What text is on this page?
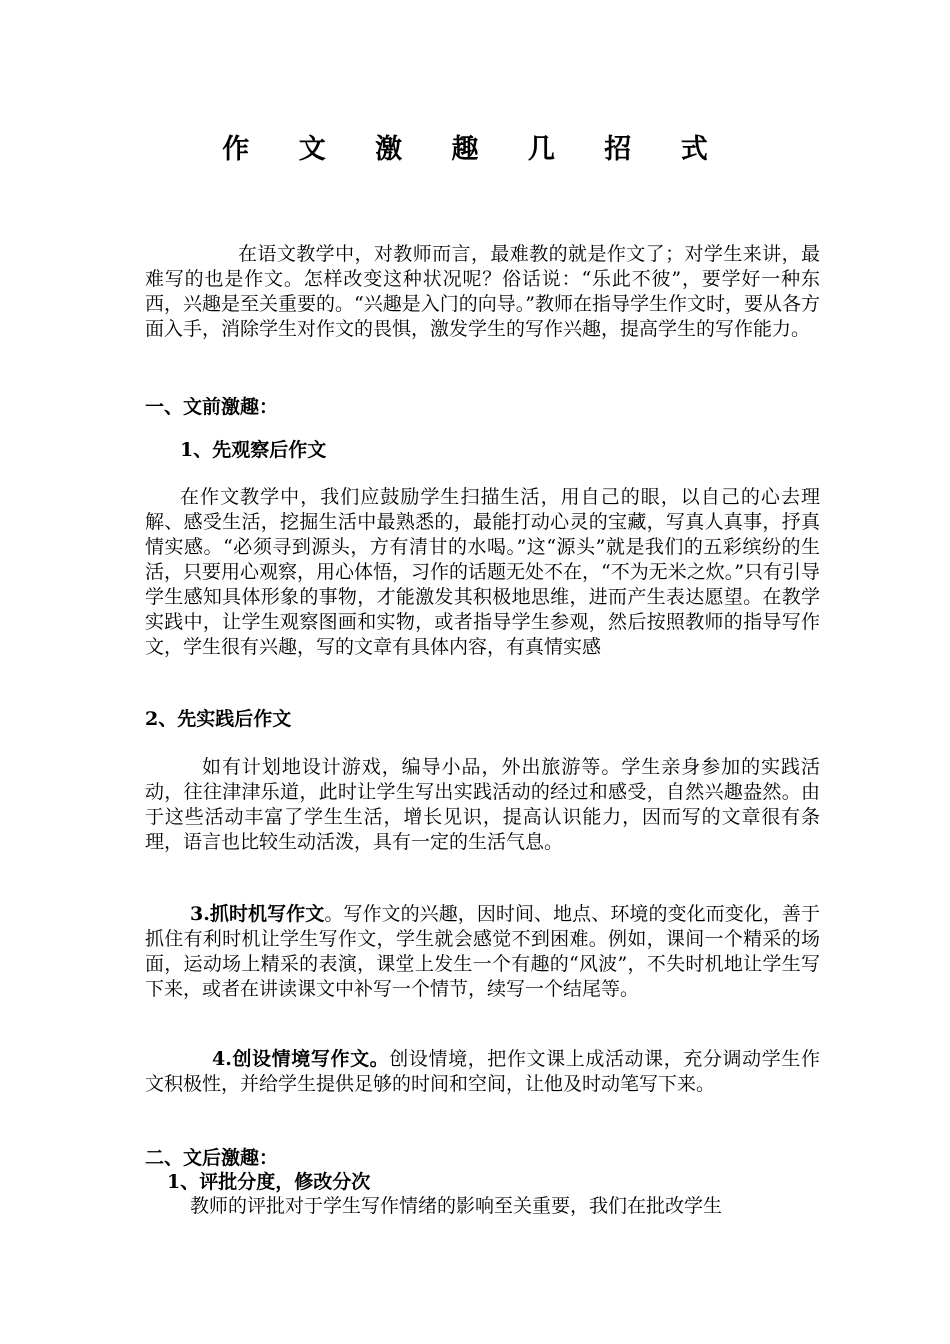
作 文 激 趣 几 招 式

在语文教学中，对教师而言，最难教的就是作文了；对学生来讲，最难写的也是作文。怎样改变这种状况呢？俗话说：“乐此不彼”，要学好一种东西，兴趣是至关重要的。“兴趣是入门的向导。”教师在指导学生作文时，要从各方面入手，消除学生对作文的畏惧，激发学生的写作兴趣，提高学生的写作能力。

一、文前激趣：

1、先观察后作文

在作文教学中，我们应鼓励学生扫描生活，用自己的眼，以自己的心去理解、感受生活，挖掘生活中最熟悉的，最能打动心灵的宝藏，写真人真事，抒真情实感。“必须寻到源头，方有清甘的水喝。”这“源头”就是我们的五彩缤纷的生活，只要用心观察，用心体悟，习作的话题无处不在，“不为无米之炊。”只有引导学生感知具体形象的事物，才能激发其积极地思维，进而产生表达愿望。在教学实践中，让学生观察图画和实物，或者指导学生参观，然后按照教师的指导写作文，学生很有兴趣，写的文章有具体内容，有真情实感

2、先实践后作文

如有计划地设计游戏，编导小品，外出旅游等。学生亲身参加的实践活动，往往津津乐道，此时让学生写出实践活动的经过和感受，自然兴趣盎然。由于这些活动丰富了学生生活，增长见识，提高认识能力，因而写的文章很有条理，语言也比较生动活泼，具有一定的生活气息。

3.抓时机写作文。写作文的兴趣，因时间、地点、环境的变化而变化，善于抓住有利时机让学生写作文，学生就会感觉不到困难。例如，课间一个精采的场面，运动场上精采的表演，课堂上发生一个有趣的“风波”，不失时机地让学生写下来，或者在讲读课文中补写一个情节，续写一个结尾等。

4.创设情境写作文。创设情境，把作文课上成活动课，充分调动学生作文积极性，并给学生提供足够的时间和空间，让他及时动笔写下来。

二、文后激趣：

1、评批分度，修改分次

教师的评批对于学生写作情绪的影响至关重要，我们在批改学生
